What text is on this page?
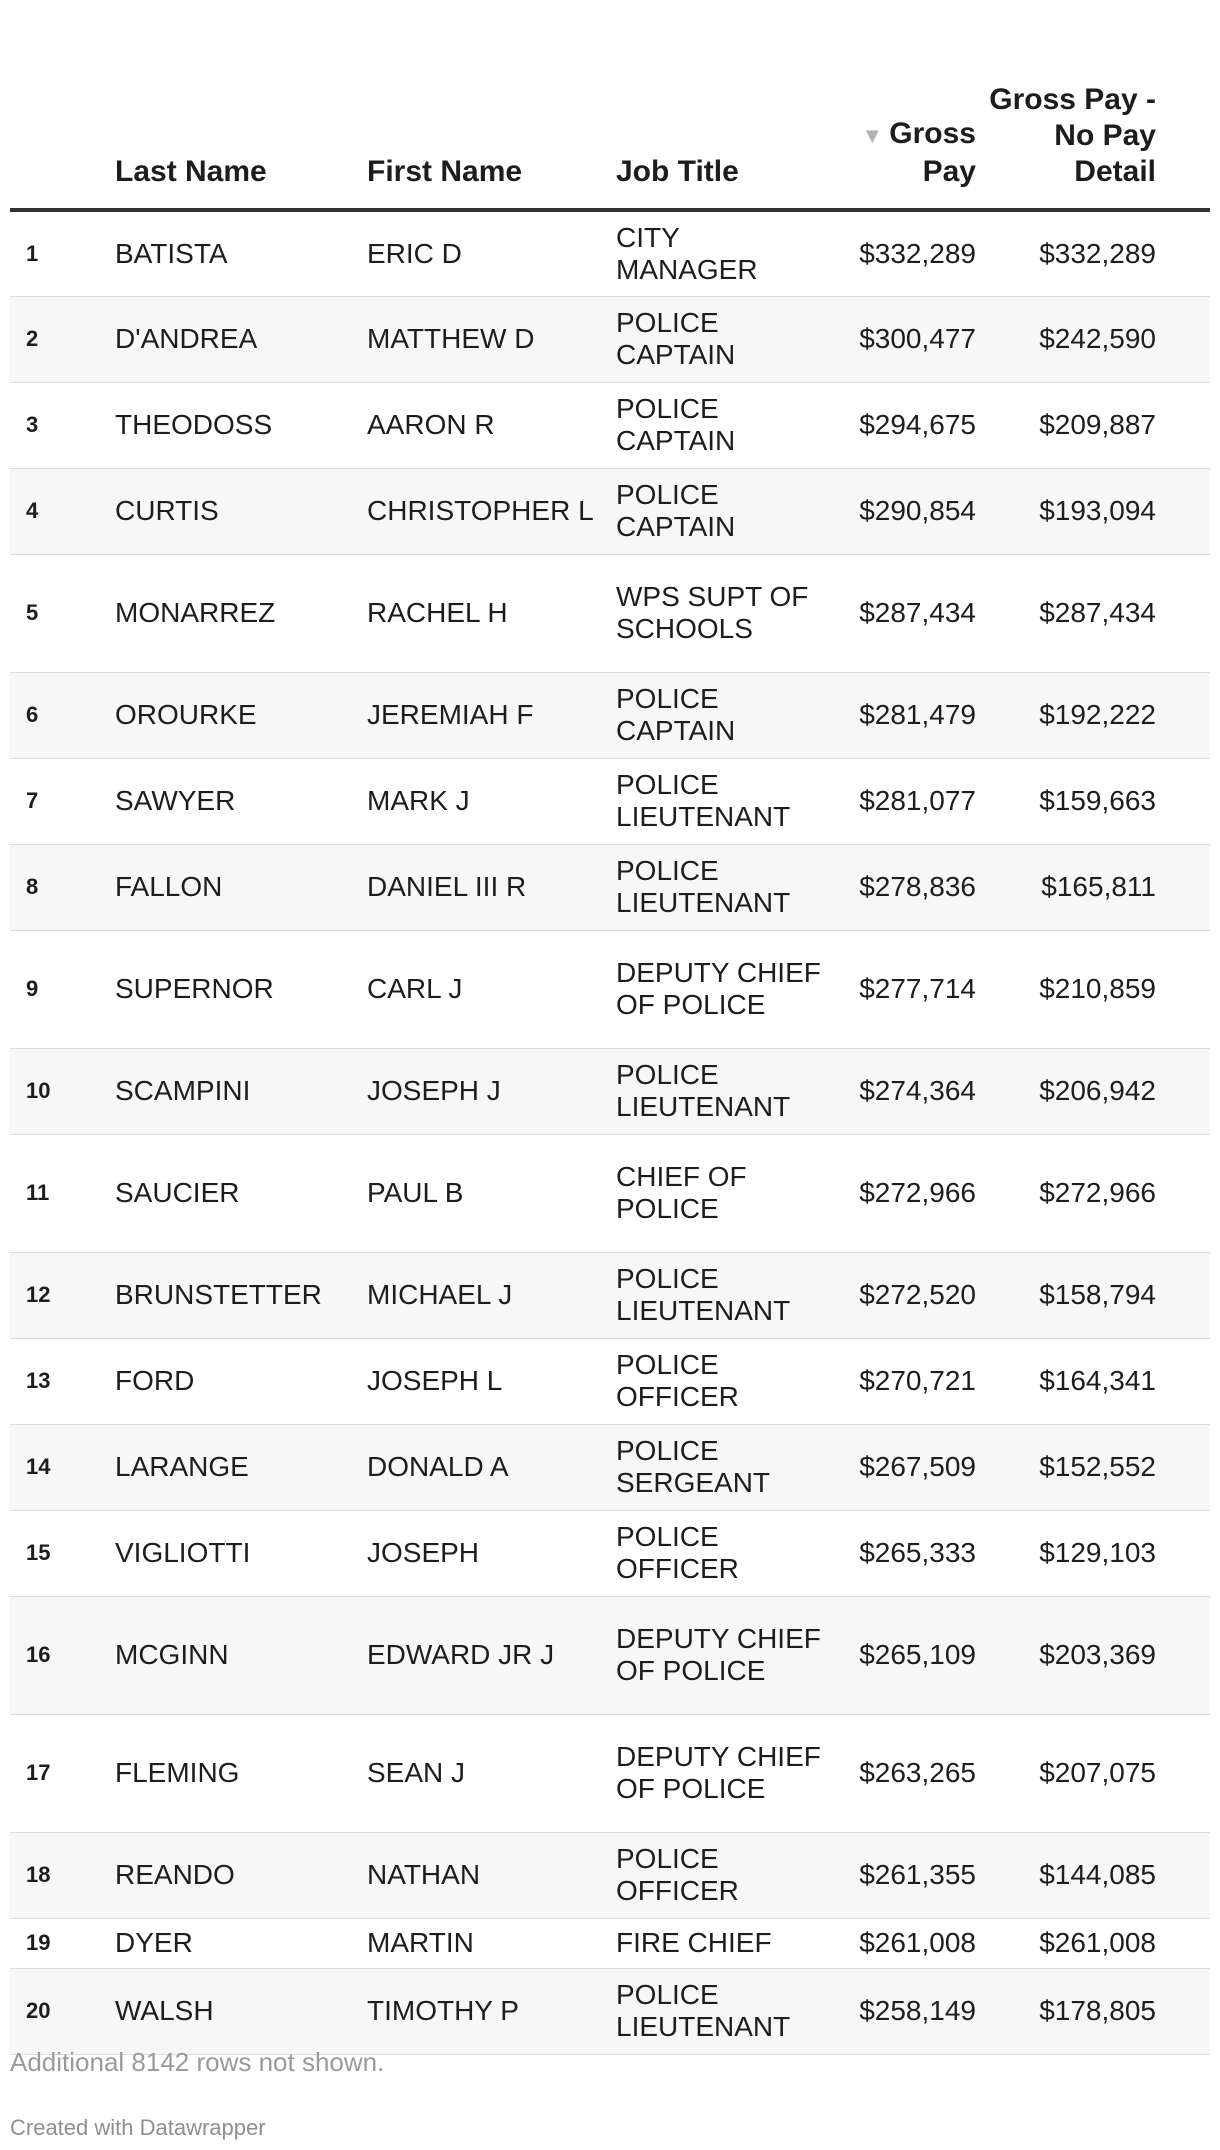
	Last Name	First Name	Job Title	▼ Gross Pay	Gross Pay - No Pay Detail	
1	BATISTA	ERIC D	CITY MANAGER	$332,289	$332,289	
2	D'ANDREA	MATTHEW D	POLICE CAPTAIN	$300,477	$242,590	
3	THEODOSS	AARON R	POLICE CAPTAIN	$294,675	$209,887	
4	CURTIS	CHRISTOPHER L	POLICE CAPTAIN	$290,854	$193,094	
5	MONARREZ	RACHEL H	WPS SUPT OF SCHOOLS	$287,434	$287,434	
6	OROURKE	JEREMIAH F	POLICE CAPTAIN	$281,479	$192,222	
7	SAWYER	MARK J	POLICE LIEUTENANT	$281,077	$159,663	
8	FALLON	DANIEL III R	POLICE LIEUTENANT	$278,836	$165,811	
9	SUPERNOR	CARL J	DEPUTY CHIEF OF POLICE	$277,714	$210,859	
10	SCAMPINI	JOSEPH J	POLICE LIEUTENANT	$274,364	$206,942	
11	SAUCIER	PAUL B	CHIEF OF POLICE	$272,966	$272,966	
12	BRUNSTETTER	MICHAEL J	POLICE LIEUTENANT	$272,520	$158,794	
13	FORD	JOSEPH L	POLICE OFFICER	$270,721	$164,341	
14	LARANGE	DONALD A	POLICE SERGEANT	$267,509	$152,552	
15	VIGLIOTTI	JOSEPH	POLICE OFFICER	$265,333	$129,103	
16	MCGINN	EDWARD JR J	DEPUTY CHIEF OF POLICE	$265,109	$203,369	
17	FLEMING	SEAN J	DEPUTY CHIEF OF POLICE	$263,265	$207,075	
18	REANDO	NATHAN	POLICE OFFICER	$261,355	$144,085	
19	DYER	MARTIN	FIRE CHIEF	$261,008	$261,008	
20	WALSH	TIMOTHY P	POLICE LIEUTENANT	$258,149	$178,805	
Additional 8142 rows not shown.
Created with Datawrapper
